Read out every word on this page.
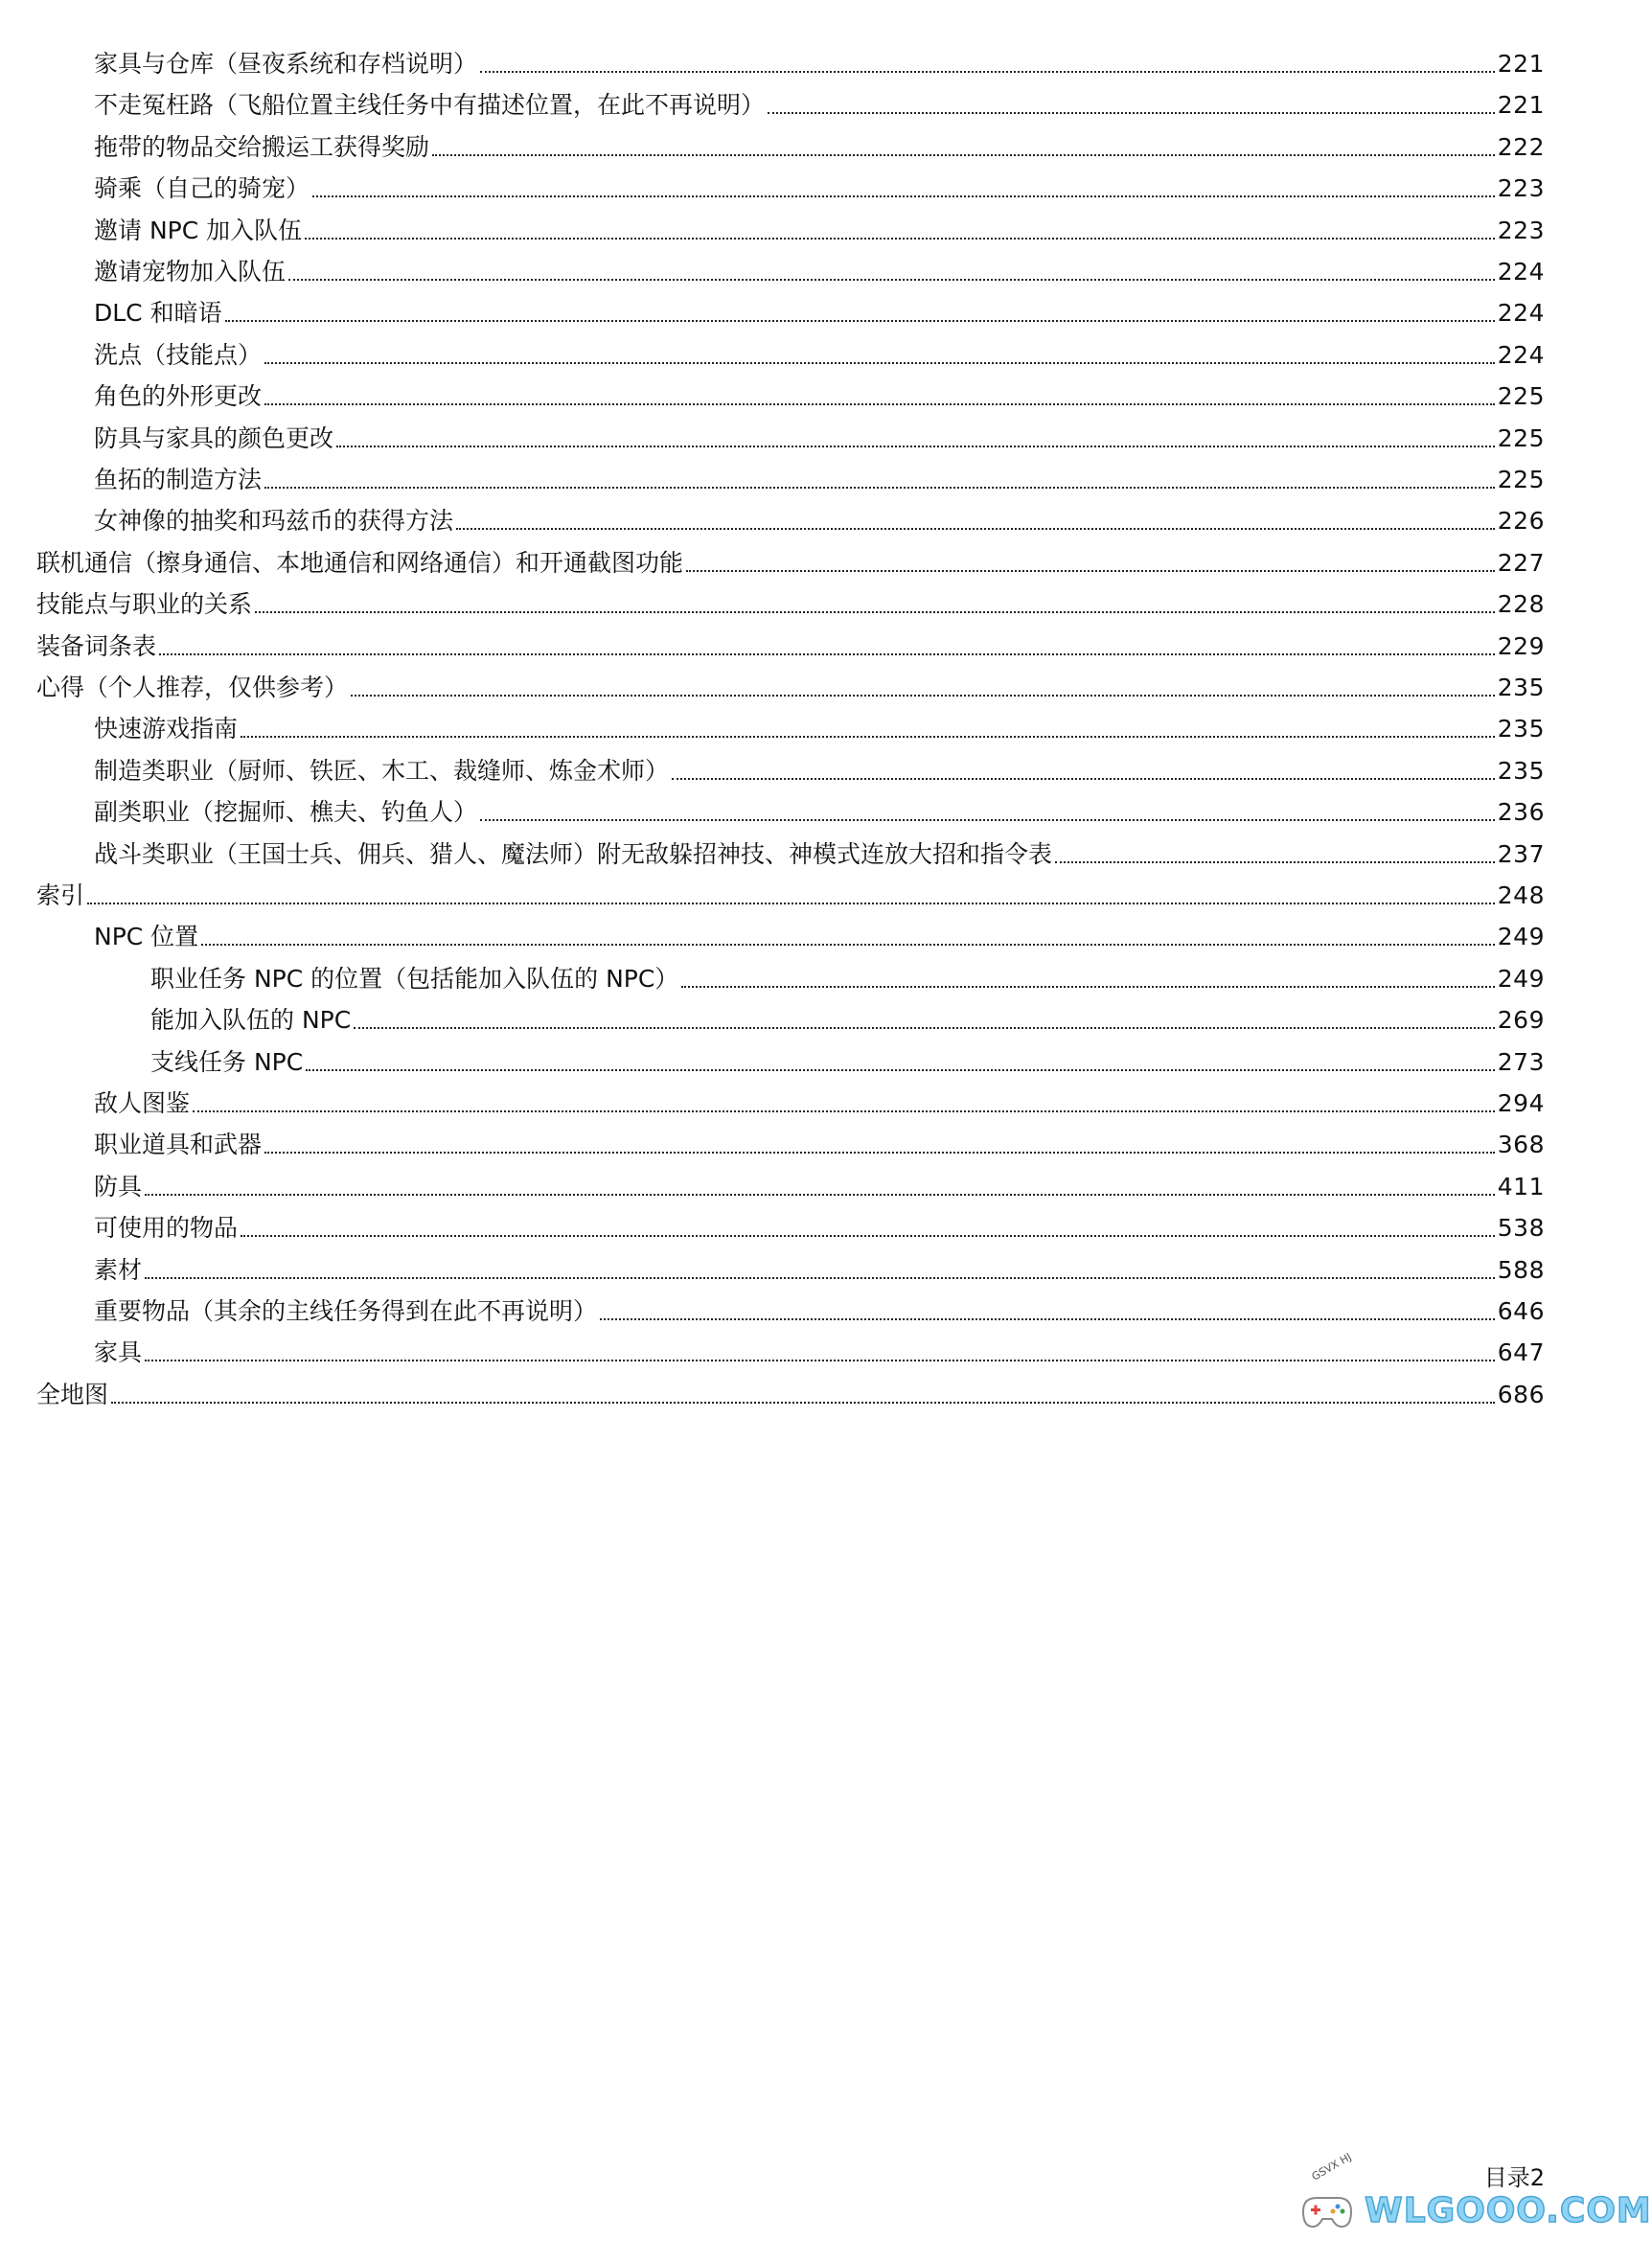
家具与仓库（昼夜系统和存档说明）	221
不走冤枉路（飞船位置主线任务中有描述位置，在此不再说明）	221
拖带的物品交给搬运工获得奖励	222
骑乘（自己的骑宠）	223
邀请 NPC 加入队伍	223
邀请宠物加入队伍	224
DLC 和暗语	224
洗点（技能点）	224
角色的外形更改	225
防具与家具的颜色更改	225
鱼拓的制造方法	225
女神像的抽奖和玛兹币的获得方法	226
联机通信（擦身通信、本地通信和网络通信）和开通截图功能	227
技能点与职业的关系	228
装备词条表	229
心得（个人推荐，仅供参考）	235
快速游戏指南	235
制造类职业（厨师、铁匠、木工、裁缝师、炼金术师）	235
副类职业（挖掘师、樵夫、钓鱼人）	236
战斗类职业（王国士兵、佣兵、猎人、魔法师）附无敌躲招神技、神模式连放大招和指令表	237
索引	248
NPC 位置	249
职业任务 NPC 的位置（包括能加入队伍的 NPC）	249
能加入队伍的 NPC	269
支线任务 NPC	273
敌人图鉴	294
职业道具和武器	368
防具	411
可使用的物品	538
素材	588
重要物品（其余的主线任务得到在此不再说明）	646
家具	647
全地图	686
目录2
GSVX HJ
WLGOOO.COM
